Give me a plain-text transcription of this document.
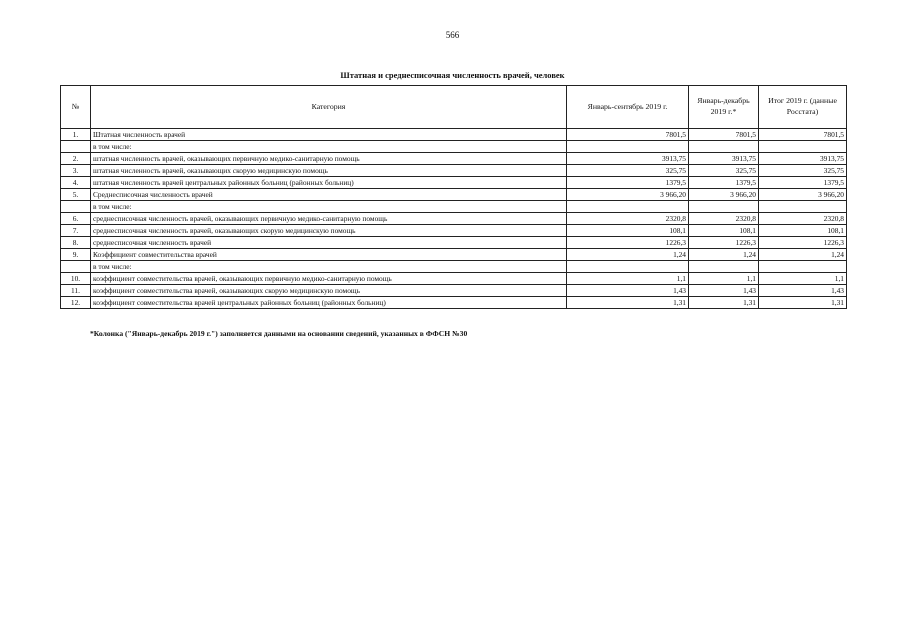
566
Штатная и среднесписочная численность врачей, человек
№	Категория	Январь-сентябрь 2019 г.	Январь-декабрь 2019 г.*	Итог 2019 г. (данные Росстата)
1.	Штатная численность врачей	7801,5	7801,5	7801,5
	в том числе:			
2.	штатная численность врачей, оказывающих первичную медико-санитарную помощь	3913,75	3913,75	3913,75
3.	штатная численность врачей, оказывающих скорую медицинскую помощь	325,75	325,75	325,75
4.	штатная численность врачей центральных районных больниц (районных больниц)	1379,5	1379,5	1379,5
5.	Среднесписочная численность врачей	3 966,20	3 966,20	3 966,20
	в том числе:			
6.	среднесписочная численность врачей, оказывающих первичную медико-санитарную помощь	2320,8	2320,8	2320,8
7.	среднесписочная численность врачей, оказывающих скорую медицинскую помощь	108,1	108,1	108,1
8.	среднесписочная численность врачей	1226,3	1226,3	1226,3
9.	Коэффициент совместительства врачей	1,24	1,24	1,24
	в том числе:			
10.	коэффициент совместительства врачей, оказывающих первичную медико-санитарную помощь	1,1	1,1	1,1
11.	коэффициент совместительства врачей, оказывающих скорую медицинскую помощь	1,43	1,43	1,43
12.	коэффициент совместительства врачей центральных районных больниц (районных больниц)	1,31	1,31	1,31
*Колонка ("Январь-декабрь 2019 г.") заполняется данными на основании сведений, указанных в ФФСН №30
